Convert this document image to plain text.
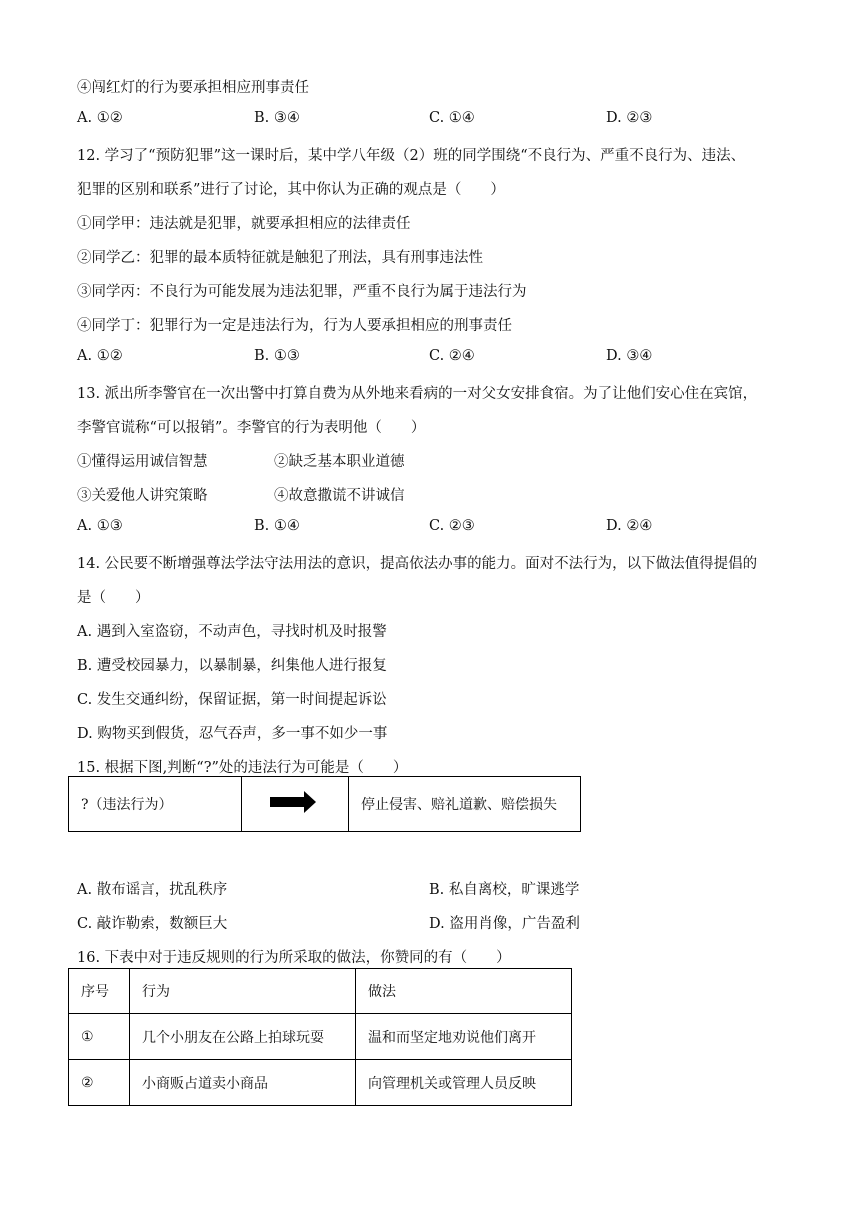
④闯红灯的行为要承担相应刑事责任
A. ①②	B. ③④	C. ①④	D. ②③
12. 学习了“预防犯罪”这一课时后，某中学八年级（2）班的同学围绕“不良行为、严重不良行为、违法、
犯罪的区别和联系”进行了讨论，其中你认为正确的观点是（　　）
①同学甲：违法就是犯罪，就要承担相应的法律责任
②同学乙：犯罪的最本质特征就是触犯了刑法，具有刑事违法性
③同学丙：不良行为可能发展为违法犯罪，严重不良行为属于违法行为
④同学丁：犯罪行为一定是违法行为，行为人要承担相应的刑事责任
A. ①②	B. ①③	C. ②④	D. ③④
13. 派出所李警官在一次出警中打算自费为从外地来看病的一对父女安排食宿。为了让他们安心住在宾馆，
李警官谎称“可以报销”。李警官的行为表明他（　　）
①懂得运用诚信智慧	②缺乏基本职业道德
③关爱他人讲究策略	④故意撒谎不讲诚信
A. ①③	B. ①④	C. ②③	D. ②④
14. 公民要不断增强尊法学法守法用法的意识，提高依法办事的能力。面对不法行为，以下做法值得提倡的
是（　　）
A. 遇到入室盗窃，不动声色，寻找时机及时报警
B. 遭受校园暴力，以暴制暴，纠集他人进行报复
C. 发生交通纠纷，保留证据，第一时间提起诉讼
D. 购物买到假货，忍气吞声，多一事不如少一事
15. 根据下图,判断“?”处的违法行为可能是（　　）
?（违法行为）		停止侵害、赔礼道歉、赔偿损失
A. 散布谣言，扰乱秩序	B. 私自离校，旷课逃学
C. 敲诈勒索，数额巨大	D. 盗用肖像，广告盈利
16. 下表中对于违反规则的行为所采取的做法，你赞同的有（　　）
序号	行为	做法
①	几个小朋友在公路上拍球玩耍	温和而坚定地劝说他们离开
②	小商贩占道卖小商品	向管理机关或管理人员反映
